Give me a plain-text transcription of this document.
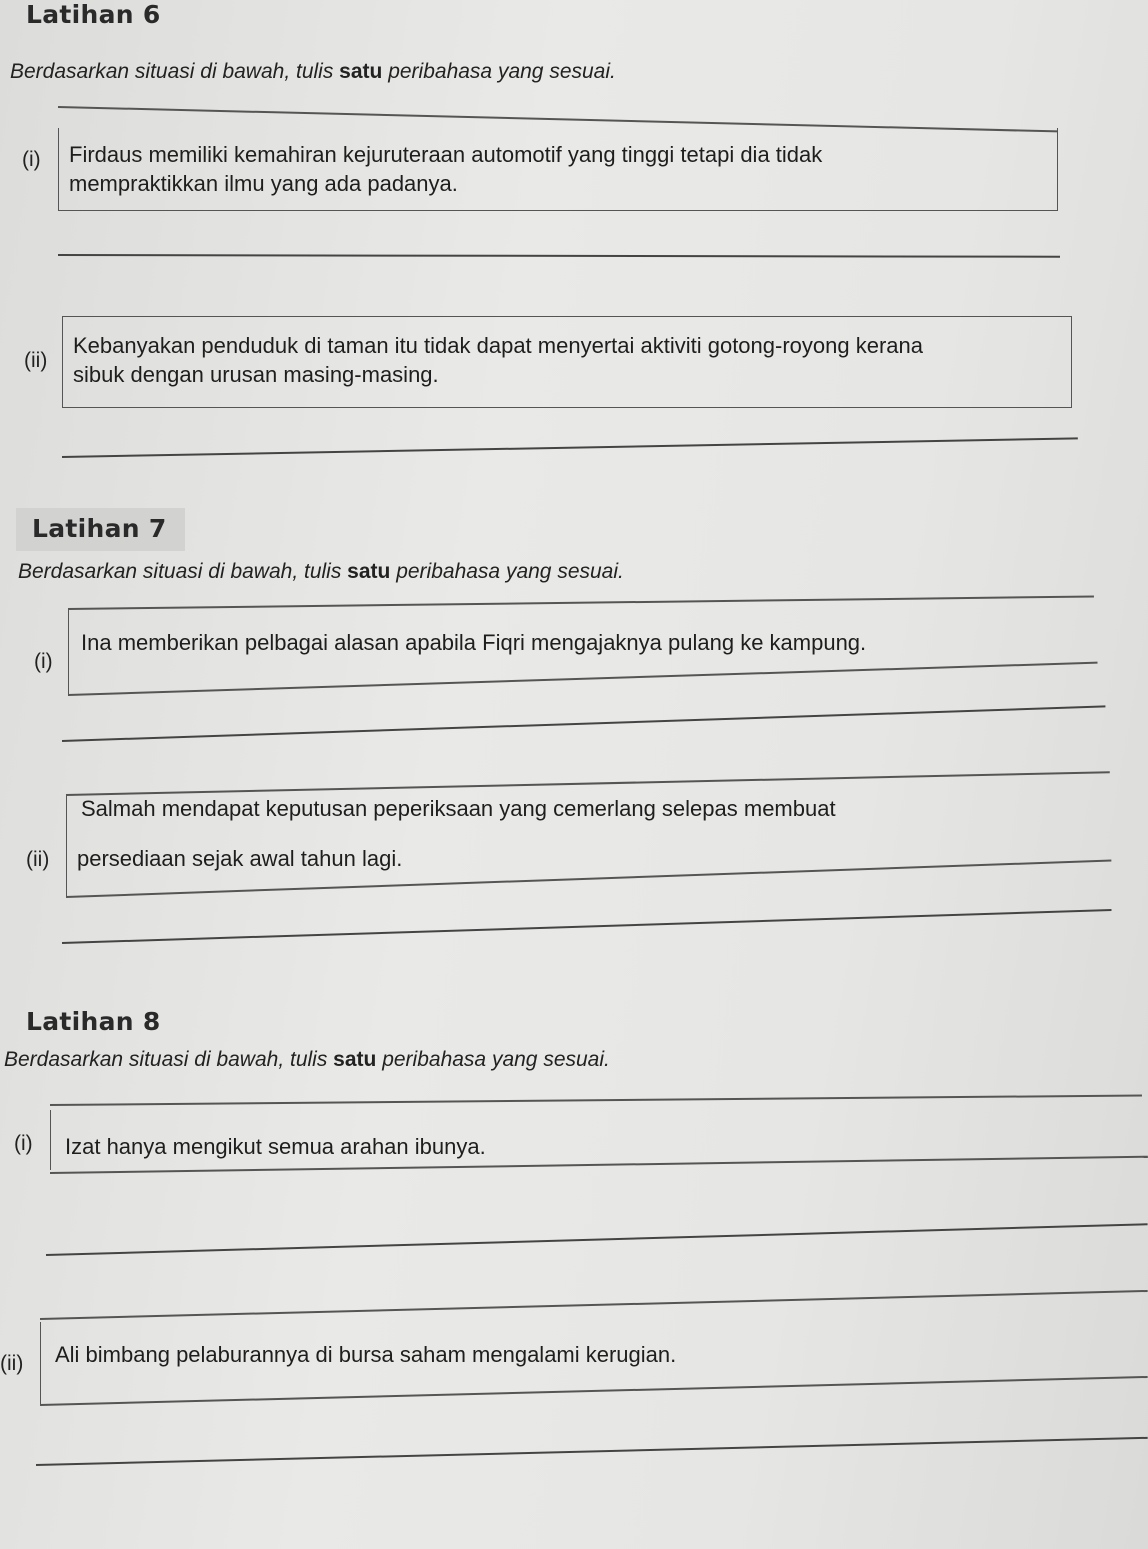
Latihan 6
Berdasarkan situasi di bawah, tulis satu peribahasa yang sesuai.
(i) Firdaus memiliki kemahiran kejuruteraan automotif yang tinggi tetapi dia tidak
mempraktikkan ilmu yang ada padanya.
(ii)
Kebanyakan penduduk di taman itu tidak dapat menyertai aktiviti gotong-royong kerana
sibuk dengan urusan masing-masing.
Latihan 7
Berdasarkan situasi di bawah, tulis satu peribahasa yang sesuai.
(i)
Ina memberikan pelbagai alasan apabila Fiqri mengajaknya pulang ke kampung.
(ii)
Salmah mendapat keputusan peperiksaan yang cemerlang selepas membuat
persediaan sejak awal tahun lagi.
Latihan 8
Berdasarkan situasi di bawah, tulis satu peribahasa yang sesuai.
(i) Izat hanya mengikut semua arahan ibunya.
(ii) Ali bimbang pelaburannya di bursa saham mengalami kerugian.
